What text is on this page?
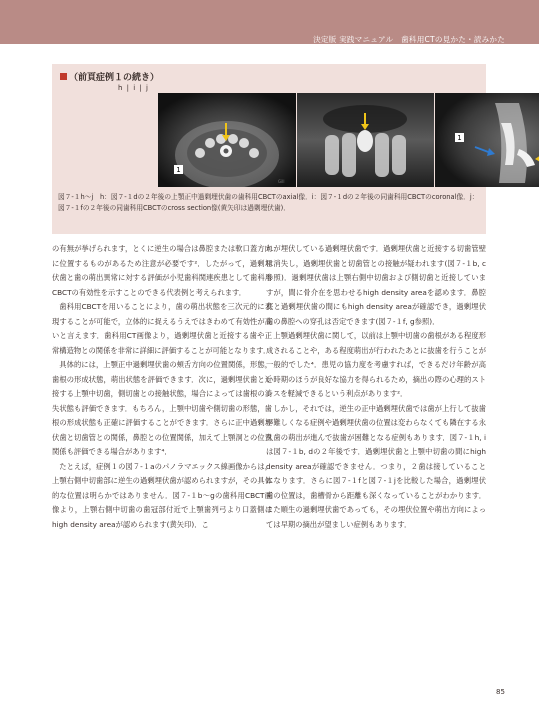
決定版 実践マニュアル　歯科用CTの見かた・読みかた
（前頁症例１の続き）
h | i | j
1
Gill
1
図７-１h〜j　h：図７-１dの２年後の上顎正中過剰埋伏歯の歯科用CBCTのaxial像．i：図７-１dの２年後の同歯科用CBCTのcoronal像．j：図７-１fの２年後の同歯科用CBCTのcross section像(黄矢印は過剰埋伏歯)．

の有無が挙げられます，とくに逆生の場合は鼻腔または軟口蓋方向に位置するものがあるため注意が必要です²．したがって，過剰埋伏歯と歯の萌出異常に対する評価が小児歯科関連疾患として歯科用CBCTの有効性を示すことのできる代表例と考えられます．

歯科用CBCTを用いることにより，歯の萌出状態を三次元的に表現することが可能で，立体的に捉えるうえではきわめて有効性が高いと言えます．歯科用CT画像より，過剰埋伏歯と近接する歯や正常構造物との関係を非常に詳細に評価することが可能となります．

具体的には，上顎正中過剰埋伏歯の頬舌方向の位置関係，形態，歯根の形成状態，萌出状態を評価できます．次に，過剰埋伏歯と近接する上顎中切歯，側切歯との接触状態，場合によっては歯根の消失状態も評価できます．もちろん，上顎中切歯や側切歯の形態，歯根の形成状態も正確に評価することができます．さらに正中過剰埋伏歯と切歯管との関係，鼻腔との位置関係，加えて上顎洞との位置関係も評価できる場合があります⁴．

たとえば，症例１の図７-１aのパノラマエックス線画像からは，上顎右側中切歯部に逆生の過剰埋伏歯が認められますが，その具体的な位置は明らかではありません．図７-１b〜gの歯科用CBCT画像より，上顎右側中切歯の歯冠部付近で上顎歯列弓より口蓋側にhigh density areaが認められます(黄矢印)．こ

れが埋伏している過剰埋伏歯です．過剰埋伏歯と近接する切歯管壁は消失し，過剰埋伏歯と切歯管との接触が疑われます(図７-１b, c参照)．過剰埋伏歯は上顎右側中切歯および側切歯と近接していますが，間に骨介在を思わせるhigh density areaを認めます．鼻腔底と過剰埋伏歯の間にもhigh density areaが確認でき，過剰埋伏歯の鼻腔への穿孔は否定できます(図７-１f, g参照)．

上顎過剰埋伏歯に関して，以前は上顎中切歯の歯根がある程度形成されることや，ある程度萌出が行われたあとに抜歯を行うことが一般的でした⁴．患児の協力度を考慮すれば，できるだけ年齢が高い時期のほうが良好な協力を得られるため，摘出の際の心理的ストレスを軽減できるという利点があります²．

しかし，それでは，逆生の正中過剰埋伏歯では歯が上行して抜歯が難しくなる症例や過剰埋伏歯の位置は変わらなくても隣在する永久歯の萌出が進んで抜歯が困難となる症例もあります．図７-１h, iは図７-１b, dの２年後です．過剰埋伏歯と上顎中切歯の間にhigh density areaが確認できません．つまり，２歯は接していることになります．さらに図７-１fと図７-１jを比較した場合，過剰埋伏歯の位置は，歯槽骨から距離も深くなっていることがわかります．また順生の過剰埋伏歯であっても，その埋伏位置や萌出方向によっては早期の摘出が望ましい症例もあります．

85
